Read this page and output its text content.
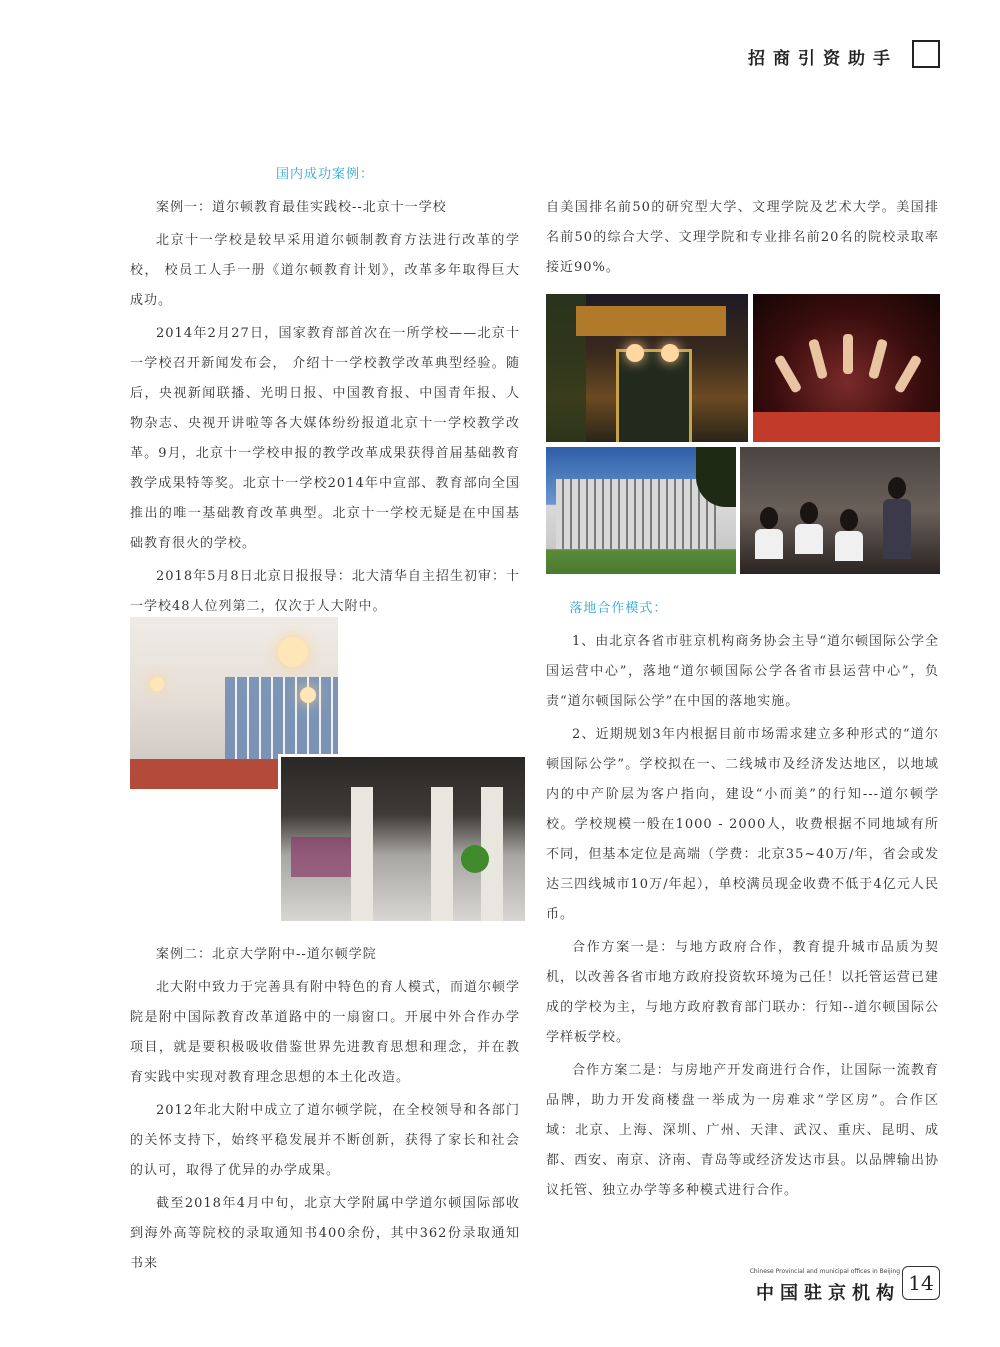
招商引资助手

国内成功案例：

案例一：道尔顿教育最佳实践校--北京十一学校

北京十一学校是较早采用道尔顿制教育方法进行改革的学校， 校员工人手一册《道尔顿教育计划》，改革多年取得巨大成功。

2014年2月27日，国家教育部首次在一所学校——北京十一学校召开新闻发布会， 介绍十一学校教学改革典型经验。随后，央视新闻联播、光明日报、中国教育报、中国青年报、人物杂志、央视开讲啦等各大媒体纷纷报道北京十一学校教学改革。9月，北京十一学校申报的教学改革成果获得首届基础教育教学成果特等奖。北京十一学校2014年中宣部、教育部向全国推出的唯一基础教育改革典型。北京十一学校无疑是在中国基础教育很火的学校。

2018年5月8日北京日报报导：北大清华自主招生初审：十一学校48人位列第二，仅次于人大附中。

案例二：北京大学附中--道尔顿学院

北大附中致力于完善具有附中特色的育人模式，而道尔顿学院是附中国际教育改革道路中的一扇窗口。开展中外合作办学项目，就是要积极吸收借鉴世界先进教育思想和理念，并在教育实践中实现对教育理念思想的本土化改造。

2012年北大附中成立了道尔顿学院，在全校领导和各部门的关怀支持下，始终平稳发展并不断创新，获得了家长和社会的认可，取得了优异的办学成果。

截至2018年4月中旬，北京大学附属中学道尔顿国际部收到海外高等院校的录取通知书400余份，其中362份录取通知书来

自美国排名前50的研究型大学、文理学院及艺术大学。美国排名前50的综合大学、文理学院和专业排名前20名的院校录取率接近90%。

落地合作模式：

1、由北京各省市驻京机构商务协会主导“道尔顿国际公学全国运营中心”，落地“道尔顿国际公学各省市县运营中心”，负责“道尔顿国际公学”在中国的落地实施。

2、近期规划3年内根据目前市场需求建立多种形式的“道尔顿国际公学”。学校拟在一、二线城市及经济发达地区，以地域内的中产阶层为客户指向，建设“小而美”的行知---道尔顿学校。学校规模一般在1000 - 2000人，收费根据不同地域有所不同，但基本定位是高端（学费：北京35~40万/年，省会或发达三四线城市10万/年起），单校满员现金收费不低于4亿元人民币。

合作方案一是：与地方政府合作，教育提升城市品质为契机，以改善各省市地方政府投资软环境为己任！以托管运营已建成的学校为主，与地方政府教育部门联办：行知--道尔顿国际公学样板学校。

合作方案二是：与房地产开发商进行合作，让国际一流教育品牌，助力开发商楼盘一举成为一房难求“学区房”。合作区域：北京、上海、深圳、广州、天津、武汉、重庆、昆明、成都、西安、南京、济南、青岛等或经济发达市县。以品牌输出协议托管、独立办学等多种模式进行合作。

Chinese Provincial and municipal offices in Beijing
中国驻京机构 14
